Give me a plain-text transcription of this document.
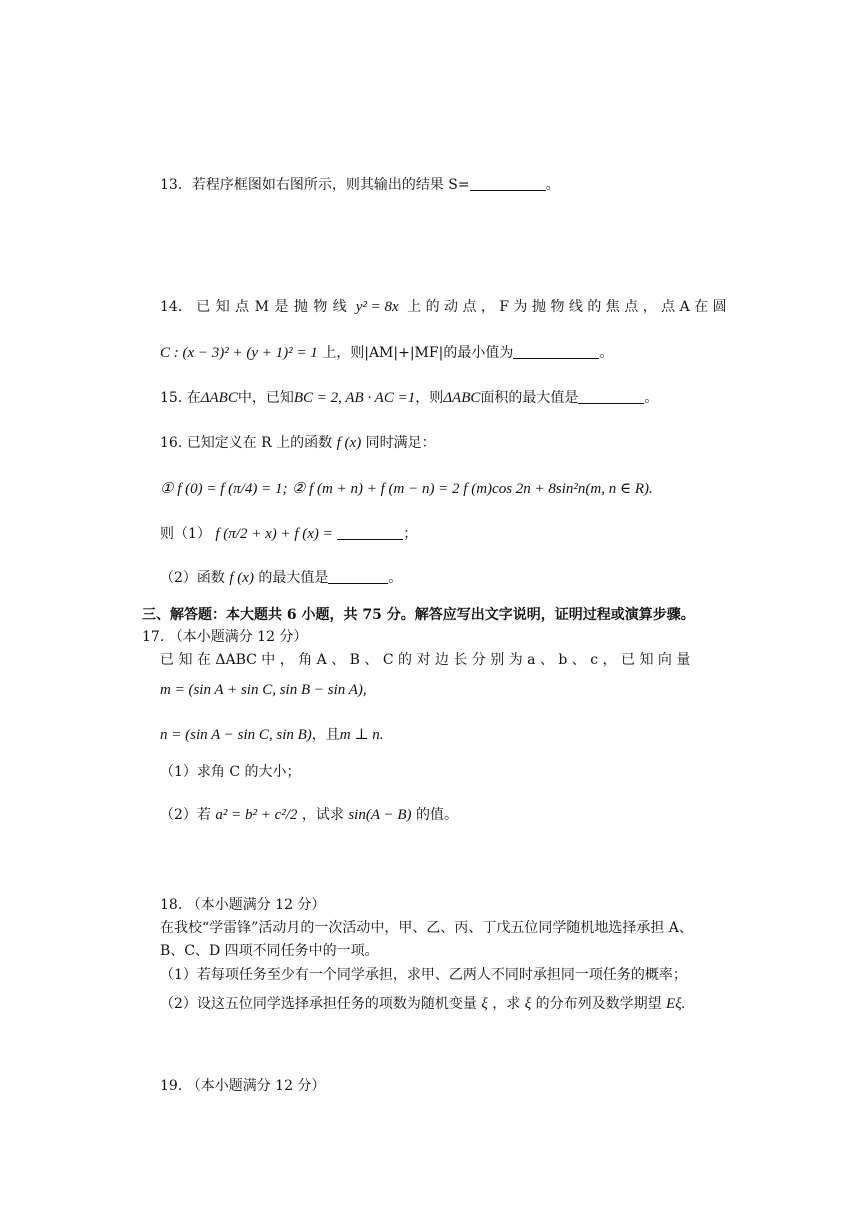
13．若程序框图如右图所示，则其输出的结果 S=	。
14． 已 知 点 M 是 抛 物 线 y² = 8x 上 的 动 点 ， F 为 抛 物 线 的 焦 点 ， 点 A 在 圆
C : (x − 3)² + (y + 1)² = 1 上，则|AM|+|MF|的最小值为	。
15. 在ΔABC中，已知BC = 2, AB · AC =1，则ΔABC面积的最大值是	。
16. 已知定义在 R 上的函数 f (x) 同时满足：
① f (0) = f (π/4) = 1; ② f (m + n) + f (m − n) = 2 f (m)cos 2n + 8sin²n(m, n ∈ R).
则（1） f (π/2 + x) + f (x) =	；
（2）函数 f (x) 的最大值是	。
三、解答题：本大题共 6 小题，共 75 分。解答应写出文字说明，证明过程或演算步骤。
17. （本小题满分 12 分）
已 知 在 ΔABC 中 ， 角 A 、 B 、 C 的 对 边 长 分 别 为 a 、 b 、 c ， 已 知 向 量
m = (sin A + sin C, sin B − sin A),
n = (sin A − sin C, sin B)，且m ⊥ n.
（1）求角 C 的大小；
（2）若 a² = b² + c²/2 ，试求 sin(A − B) 的值。
18. （本小题满分 12 分）
在我校“学雷锋”活动月的一次活动中，甲、乙、丙、丁戊五位同学随机地选择承担 A、
B、C、D 四项不同任务中的一项。
（1）若每项任务至少有一个同学承担，求甲、乙两人不同时承担同一项任务的概率；
（2）设这五位同学选择承担任务的项数为随机变量 ξ ，求 ξ 的分布列及数学期望 Eξ.
19. （本小题满分 12 分）
